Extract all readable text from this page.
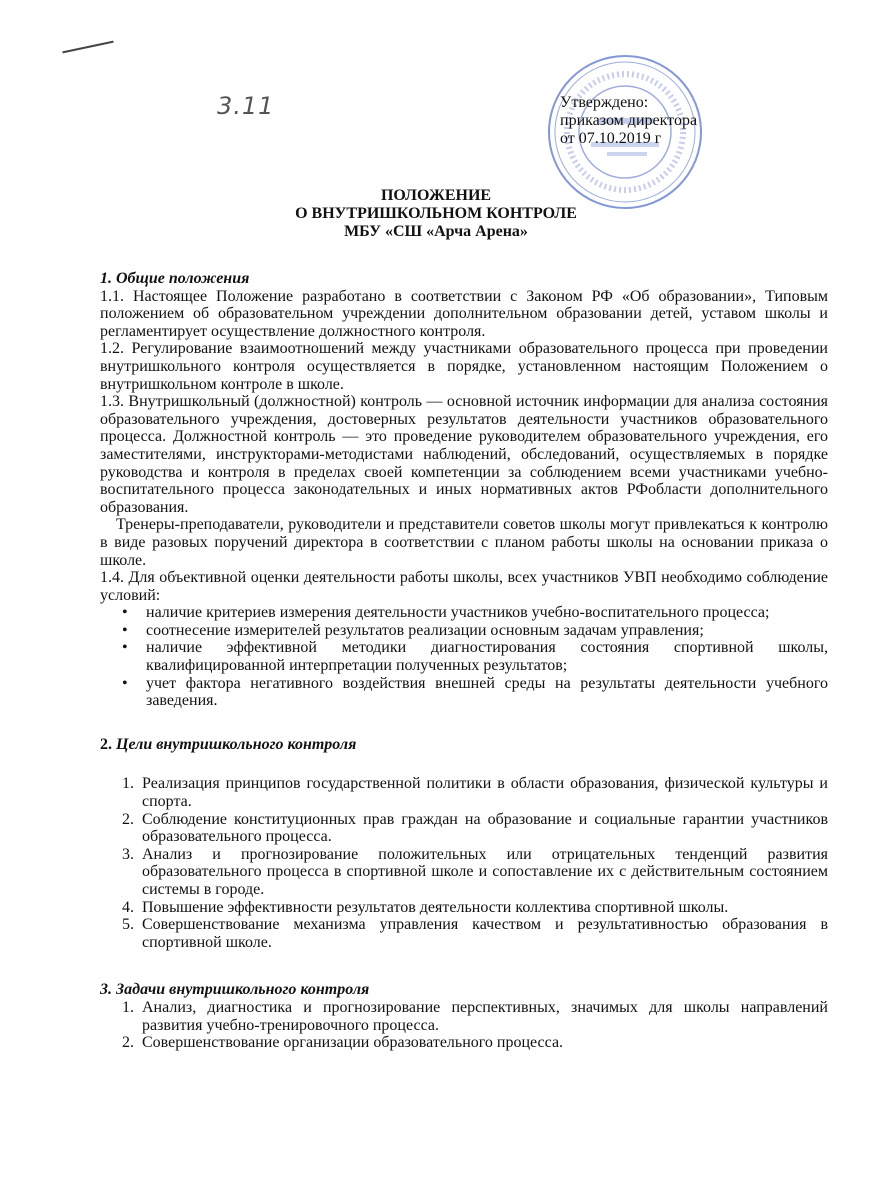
3.11	Утверждено:
приказом директора
от 07.10.2019 г
ПОЛОЖЕНИЕ
О ВНУТРИШКОЛЬНОМ КОНТРОЛЕ
МБУ «СШ «Арча Арена»

1. Общие положения

1.1. Настоящее Положение разработано в соответствии с Законом РФ «Об образовании», Типовым положением об образовательном учреждении дополнительном образовании детей, уставом школы и регламентирует осуществление должностного контроля.

1.2. Регулирование взаимоотношений между участниками образовательного процесса при проведении внутришкольного контроля осуществляется в порядке, установленном настоящим Положением о внутришкольном контроле в школе.

1.3. Внутришкольный (должностной) контроль — основной источник информации для анализа состояния образовательного учреждения, достоверных результатов деятельности участников образовательного процесса. Должностной контроль — это проведение руководителем образовательного учреждения, его заместителями, инструкторами-методистами наблюдений, обследований, осуществляемых в порядке руководства и контроля в пределах своей компетенции за соблюдением всеми участниками учебно-воспитательного процесса законодательных и иных нормативных актов РФобласти дополнительного образования.

Тренеры-преподаватели, руководители и представители советов школы могут привлекаться к контролю в виде разовых поручений директора в соответствии с планом работы школы на основании приказа о школе.

1.4. Для объективной оценки деятельности работы школы, всех участников УВП необходимо соблюдение условий:

• наличие критериев измерения деятельности участников учебно-воспитательного процесса;
• соотнесение измерителей результатов реализации основным задачам управления;
• наличие эффективной методики диагностирования состояния спортивной школы, квалифицированной интерпретации полученных результатов;
• учет фактора негативного воздействия внешней среды на результаты деятельности учебного заведения.

2. Цели внутришкольного контроля

1. Реализация принципов государственной политики в области образования, физической культуры и спорта.
2. Соблюдение конституционных прав граждан на образование и социальные гарантии участников образовательного процесса.
3. Анализ и прогнозирование положительных или отрицательных тенденций развития образовательного процесса в спортивной школе и сопоставление их с действительным состоянием системы в городе.
4. Повышение эффективности результатов деятельности коллектива спортивной школы.
5. Совершенствование механизма управления качеством и результативностью образования в спортивной школе.

3. Задачи внутришкольного контроля

1. Анализ, диагностика и прогнозирование перспективных, значимых для школы направлений развития учебно-тренировочного процесса.
2. Совершенствование организации образовательного процесса.
